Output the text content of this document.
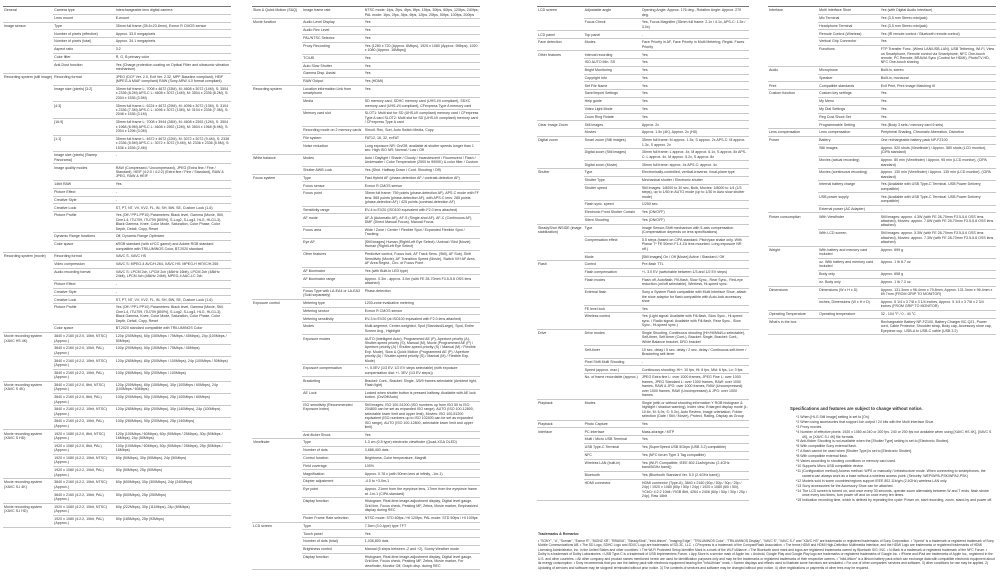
General	Camera type	Interchangeable lens digital camera
	Lens mount	E-mount
Image sensor	Type	35mm full frame (35.6×23.8mm), Exmor R CMOS sensor
	Number of pixels (effective)	Approx. 33.0 megapixels
	Number of pixels (total)	Approx. 34.1 megapixels
	Aspect ratio	3:2
	Color filter	R, G, B primary color
	Anti-Dust function	Yes (Charge protection coating on Optical Filter and ultrasonic vibration mechanism)
Recording system (still image)	Recording format	JPEG (DCF Ver. 2.0, Exif Ver. 2.32, MPF Baseline compliant), HEIF (MPEG-A MIAF compliant) RAW (Sony ARW 4.0 format compliant)
	Image size (pixels) [3:2]	35mm full frame L: 7008 x 4672 (33M), M: 4608 x 3072 (14M), S: 3504 x 2336 (8.2M) APS-C L: 4608 x 3072 (14M), M: 3504 x 2336 (8.2M), S: 2304 x 1536 (3.5M)
	[4:3]	35mm full frame L: 6224 x 4672 (29M), M: 4096 x 3072 (13M), S: 3104 x 2336 (7.3M) APS-C L: 4096 x 3072 (13M), M: 3104 x 2336 (7.3M), S: 2048 x 1536 (3.1M)
	[16:9]	35mm full frame L: 7008 x 3944 (28M), M: 4608 x 2592 (12M), S: 3504 x 1968 (6.9M) APS-C L: 4608 x 2592 (12M), M: 3504 x 1968 (6.9M), S: 2304 x 1296 (3.0M)
	[1:1]	35mm full frame L: 4672 x 4672 (22M), M: 3072 x 3072 (9.4M), S: 2336 x 2336 (5.5M) APS-C L: 3072 x 3072 (9.4M), M: 2336 x 2336 (5.5M), S: 1536 x 1536 (2.4M)
	Image size (pixels) [Sweep Panorama]	-
	Image quality modes	RAW (Compressed / Uncompressed), JPEG (Extra fine / Fine / Standard), HEIF (4:2:0 / 4:2:2) (Extra fine / Fine / Standard), RAW & JPEG, RAW & HEIF
	14bit RAW	Yes
	Picture Effect	-
	Creative Style	-
	Creative Look	ST, PT, NT, VV, VV2, FL, IN, SH, BW, SE, Custom Look (1-6)
	Picture Profile	Yes (Off / PP1-PP10) Parameters: Black level, Gamma (Movie, Still, Cine1-4, ITU709, ITU709 [800%], S-Log2, S-Log3, HLG, HLG1-3), Black Gamma, Knee, Color Mode, Saturation, Color Phase, Color Depth, Detail, Copy, Reset
	Dynamic Range functions	Off, Dynamic Range Optimizer
	Color space	sRGB standard (with sYCC gamut) and Adobe RGB standard compatible with TRILUMINOS Color, BT.2020 standard
Recording system (movie)	Recording format	XAVC S, XAVC HS
	Video compression	XAVC S: MPEG-4 AVC/H.264, XAVC HS: MPEG-H HEVC/H.265
	Audio recording format	XAVC S: LPCM 2ch, LPCM 2ch (48kHz 16bit), LPCM 2ch (48kHz 24bit), LPCM 4ch (48kHz 24bit), MPEG-4 AAC-LC 2ch
	Picture Effect	-
	Creative Style	-
	Creative Look	ST, PT, NT, VV, VV2, FL, IN, SH, BW, SE, Custom Look (1-6)
	Picture Profile	Yes (Off / PP1-PP10) Parameters: Black level, Gamma (Movie, Still, Cine1-4, ITU709, ITU709 [800%], S-Log2, S-Log3, HLG, HLG1-3), Black Gamma, Knee, Color Mode, Saturation, Color Phase, Color Depth, Detail, Copy, Reset
	Color space	BT.2020 standard compatible with TRILUMINOS Color
Movie recording system (XAVC HS 4K)	3840 x 2160 (4:2:0, 10bit, NTSC) (Approx.)	120p (200Mbps), 60p (150Mbps / 75Mbps / 45Mbps), 24p (100Mbps / 50Mbps)
	3840 x 2160 (4:2:0, 10bit, PAL) (Approx.)	100p (200Mbps), 50p (150Mbps / 75Mbps / 45Mbps)
	3840 x 2160 (4:2:2, 10bit, NTSC) (Approx.)	120p (280Mbps), 60p (200Mbps / 100Mbps), 24p (100Mbps / 50Mbps)
	3840 x 2160 (4:2:2, 10bit, PAL) (Approx.)	100p (280Mbps), 50p (200Mbps / 100Mbps)
Movie recording system (XAVC S 4K)	3840 x 2160 (4:2:0, 8bit, NTSC) (Approx.)	120p (200Mbps), 60p (150Mbps), 30p (100Mbps / 60Mbps), 24p (100Mbps / 60Mbps)
	3840 x 2160 (4:2:0, 8bit, PAL) (Approx.)	100p (200Mbps), 50p (150Mbps), 25p (100Mbps / 60Mbps)
	3840 x 2160 (4:2:2, 10bit, NTSC) (Approx.)	120p (280Mbps), 60p (200Mbps), 30p (140Mbps), 24p (100Mbps)
	3840 x 2160 (4:2:2, 10bit, PAL) (Approx.)	100p (280Mbps), 50p (200Mbps), 25p (140Mbps)
Movie recording system (XAVC S HD)	1920 x 1080 (4:2:0, 8bit, NTSC) (Approx.)	120p (100Mbps / 60Mbps), 60p (50Mbps / 25Mbps), 30p (50Mbps / 16Mbps), 24p (50Mbps)
	1920 x 1080 (4:2:0, 8bit, PAL) (Approx.)	100p (100Mbps / 60Mbps), 50p (50Mbps / 25Mbps), 25p (50Mbps / 16Mbps)
	1920 x 1080 (4:2:2, 10bit, NTSC) (Approx.)	60p (50Mbps), 30p (50Mbps), 24p (50Mbps)
	1920 x 1080 (4:2:2, 10bit, PAL) (Approx.)	50p (50Mbps), 25p (50Mbps)
Movie recording system (XAVC S-I 4K)	3840 x 2160 (4:2:2, 10bit, NTSC) (Approx.)	60p (600Mbps), 30p (300Mbps), 24p (240Mbps)
	3840 x 2160 (4:2:2, 10bit, PAL) (Approx.)	50p (500Mbps), 25p (250Mbps)
Movie recording system (XAVC S-I HD)	1920 x 1080 (4:2:2, 10bit, NTSC) (Approx.)	60p (222Mbps), 30p (111Mbps), 24p (89Mbps)
	1920 x 1080 (4:2:2, 10bit, PAL) (Approx.)	50p (185Mbps), 25p (93Mbps)
Slow & Quick Motion (S&Q)	Image frame rate	NTSC mode: 1fps, 2fps, 4fps, 8fps, 15fps, 30fps, 60fps, 120fps, 240fps; PAL mode: 1fps, 2fps, 3fps, 6fps, 12fps, 25fps, 50fps, 100fps, 200fps
Movie function	Audio Level Display	Yes
	Audio Rec Level	Yes
	PAL/NTSC Selector	Yes
	Proxy Recording	Yes (1280 x 720 (Approx. 6Mbps), 1920 x 1080 (Approx. 9Mbps), 1920 x 1080 (Approx. 16Mbps))
	TC/UB	Yes
	Auto Slow Shutter	Yes
	Gamma Disp. Assist	Yes
	RAW Output	Yes (HDMI)
Recording system	Location information Link from smartphone	Yes
	Media	SD memory card, SDHC memory card (UHS-I/II compliant), SDXC memory card (UHS-I/II compliant), CFexpress Type A memory card
	Memory card slot	SLOT1: Multi slot for SD (UHS-I/II compliant) memory card / CFexpress Type A card SLOT2: Multi slot for SD (UHS-I/II compliant) memory card / CFexpress Type A card
	Recording mode on 2 memory cards	Simult. Rec, Sort, Auto Switch Media, Copy
	File system	FAT12, 16, 32, exFAT
	Noise reduction	Long exposure NR: On/Off, available at shutter speeds longer than 1 sec. High ISO NR: Normal / Low / Off
White balance	Modes	Auto / Daylight / Shade / Cloudy / Incandescent / Fluorescent / Flash / Underwater / Color Temperature (2500 to 9900K) & color filter / Custom
	Shutter AWB Lock	Yes (Shut. Halfway Down / Cont. Shooting / Off)
Focus system	Type	Fast Hybrid AF (phase-detection AF / contrast-detection AF)
	Focus sensor	Exmor R CMOS sensor
	Focus point	35mm full frame: 759 points (phase-detection AF), APS-C mode with FF lens: 565 points (phase-detection AF), with APS-C lens: 285 points (phase-detection AF) / 425 points (contrast-detection AF)
	Sensitivity range	EV-4 to EV20 (ISO100 equivalent with F2.0 lens attached)
	AF mode	AF-A (Automatic AF), AF-S (Single-shot AF), AF-C (Continuous AF), DMF (Direct Manual Focus), Manual Focus
	Focus area	Wide / Zone / Center / Flexible Spot / Expanded Flexible Spot / Tracking
	Eye AF	[Still images] Human (Right/Left Eye Select) / Animal / Bird [Movie] Human (Right/Left Eye Select)
	Other features	Predictive control, Focus lock, AF Track Sens. (Still), AF Subj. Shift Sensitivity (Movie), AF Transition Speed (Movie), Switch V/H AF Area, AF Area Regist., Circ. of Focus Point
	AF illuminator	Yes (with Built-in LED type)
	AF illuminator range	Approx. 0.3m - approx. 3.0m (with FE 28-70mm F3.5-5.6 OSS lens attached)
	Focus Type with LA-EA4 or LA-EA3 (Sold separately)	Phase-detection
Exposure control	Metering type	1200-zone evaluative metering
	Metering sensor	Exmor R CMOS sensor
	Metering sensitivity	EV-3 to EV20 (at ISO100 equivalent with F2.0 lens attached)
	Modes	Multi-segment, Center-weighted, Spot (Standard/Large), Spot, Entire Screen Avg., Highlight
	Exposure modes	AUTO (Intelligent Auto), Programmed AE (P), Aperture priority (A), Shutter-speed priority (S), Manual (M), Movie (Programmed AE (P) / Aperture priority (A) / Shutter-speed priority (S) / Manual (M) / Flexible Exp. Mode), Slow & Quick Motion (Programmed AE (P) / Aperture priority (A) / Shutter-speed priority (S) / Manual (M) / Flexible Exp. Mode)
	Exposure compensation	+/- 5.0EV (1/3 EV, 1/2 EV steps selectable) (with exposure compensation dial: +/- 3EV (1/3 EV steps))
	Bracketing	Bracket: Cont., Bracket: Single, 3/5/9 frames selectable (Ambient light, Flash light)
	AE Lock	Locked when shutter button is pressed halfway. Available with AE lock button. (On/Off/Auto)
	ISO sensitivity (Recommended Exposure Index)	Still images: ISO 100-51200 (ISO numbers up from ISO 50 to ISO 204800 can be set as expanded ISO range), AUTO (ISO 100-12800, selectable lower limit and upper limit), Movies: ISO 100-51200 equivalent (ISO numbers up to ISO 102400 can be set as expanded ISO range), AUTO (ISO 100-12800, selectable lower limit and upper limit)
	Anti-flicker Shoot.	Yes
Viewfinder	Type	1.3 cm (0.5 type) electronic viewfinder (Quad-XGA OLED)
	Number of dots	3,686,400 dots
	Control function	Brightness, Color temperature, Magnifi.
	Field coverage	100%
	Magnification	Approx. 0.78 x (with 50mm lens at infinity, -1m-1)
	Diopter adjustment	-4.0 to +3.0m-1
	Eye point	Approx. 21mm from the eyepiece lens, 17mm from the eyepiece frame at -1m-1 (CIPA standard)
	Display function	Histogram, Real-time image-adjustment display, Digital level gauge, Grid line, Focus check, Peaking MF, Zebra, Movie marker, Emphasized display during REC
	Finder Frame Rate selection	NTSC mode: STD 60fps / HI 120fps, PAL mode: STD 50fps / HI 100fps
LCD screen	Type	7.5cm (3.0-type) type TFT
	Touch panel	Yes
	Number of dots (total)	1,036,800 dots
	Brightness control	Manual (5 steps between -2 and +2), Sunny Weather mode
	Display function	Histogram, Real-time image-adjustment display, Digital level gauge, Grid line, Focus check, Peaking MF, Zebra, Movie marker, For viewfinder, Monitor Off, Graph disp. during REC
LCD screen	Adjustable angle	Opening Angle: Approx. 176 deg., Rotation Angle: Approx. 270 deg.
	Focus Check	Yes, Focus Magnifier (35mm full frame: 2.1x / 4.1x, APS-C: 1.5x / 3.0x)
LCD panel	Top panel	-
Face detection	Modes	Face Priority in AF, Face Priority in Multi Metering, Regist. Faces Priority
Other features	Interval recording	Yes
	ISO AUTO Min. SS	Yes
	Bright Monitoring	Yes
	Copyright Info	Yes
	Set File Name	Yes
	Save/Import Settings	Yes
	Help guide	Yes
	Video Light Mode	Yes
	Zoom Ring Rotate	Yes
Clear Image Zoom	Still images	Approx. 2x
	Movies	Approx. 1.5x (4K), Approx. 2x (HD)
Digital zoom	Smart zoom (Still images)	35mm full frame: M approx. 1.5x, S approx. 2x APS-C: M approx. 1.3x, S approx. 2x
	Digital zoom (Still images)	35mm full frame: L approx. 4x, M approx. 6.1x, S approx. 8x APS-C: L approx. 4x, M approx. 5.2x, S approx. 8x
	Digital zoom (Movie)	35mm full frame: approx. 4x APS-C: approx. 4x
Shutter	Type	Electronically-controlled, vertical-traverse, focal-plane type
	Shutter Type	Mechanical shutter / Electronic shutter
	Shutter speed	Still images: 1/8000 to 30 sec, Bulb, Movies: 1/8000 to 1/4 (1/3 steps), up to 1/60 in AUTO mode (up to 1/30 in Auto slow shutter mode)
	Flash sync. speed	1/250 sec.
	Electronic Front Shutter Curtain	Yes (ON/OFF)
	Silent Shooting	Yes (ON/OFF)
SteadyShot INSIDE (image stabilization)	Type	Image Sensor-Shift mechanism with 5-axis compensation (Compensation depends on lens specifications)
	Compensation effect	5.5 steps (based on CIPA standard. Pitch/yaw shake only. With Planar T* FE 50mm F1.4 ZA lens mounted. Long exposure NR off.)
	Mode	[Still images] On / Off [Movie] Active / Standard / Off
Flash	Control	Pre-flash TTL
	Flash compensation	+/- 3.0 EV (switchable between 1/3 and 1/2 EV steps)
	Flash modes	Flash off, Autoflash, Fill-flash, Slow Sync., Rear Sync., Red-eye reduction (on/off selectable), Wireless, Hi-speed sync.
	External flash	Sony α System Flash compatible with Multi Interface Shoe, attach the shoe adaptor for flash compatible with Auto-lock accessory shoe
	FE level lock	Yes
	Wireless control	Yes (Light signal: Available with Fill-flash, Slow Sync., Hi-speed sync. / Radio signal: Available with Fill-flash, Rear Sync., Slow Sync., Hi-speed sync.)
Drive	Drive modes	Single Shooting, Continuous shooting (Hi+/Hi/Mid/Lo selectable), Self-timer, Self-timer (Cont.), Bracket: Single, Bracket: Cont., White Balance bracket, DRO bracket
	Self-timer	10 sec. delay / 5 sec. delay / 2 sec. delay / Continuous self-timer / Bracketing self-timer
	Pixel Shift Multi Shooting	-
	Speed (approx. max.)	Continuous shooting: Hi+: 10 fps, Hi: 8 fps, Mid: 6 fps, Lo: 3 fps
	No. of frame recordable (approx.)	JPEG Extra fine L: over 1000 frames, JPEG Fine L: over 1000 frames, JPEG Standard L: over 1000 frames, RAW: over 1000 frames, RAW & JPG: over 1000 frames, RAW (Uncompressed): over 1000 frames, RAW (Uncompressed) & JPG: over 1000 frames
Playback	Modes	Single (with or without shooting information Y RGB histogram & highlight / shadow warning), Index view, Enlarged display mode (L: 10.6x, M: 6.9x, S: 5.3x), Auto Review, Image orientation, Folder selection (Date / Still / Movie), Protect, Rating, Display as Group
Playback	Photo Capture	Yes
Interface	PC interface	Mass-storage / MTP
	Multi / Micro USB Terminal	Yes
	USB Type-C Terminal	Yes (SuperSpeed USB 5Gbps (USB 3.2) compatible)
	NFC	Yes (NFC forum Type 3 Tag compatible)
	Wireless LAN (built-in)	Yes (Wi-Fi Compatible, IEEE 802.11a/b/g/n/ac (2.4GHz band/5GHz band))
	Bluetooth	Yes (Bluetooth Standard Ver. 5.0 (2.4GHz band))
	HDMI connector	HDMI connector (Type-A), 3840 x 2160 (60p / 50p / 30p / 25p / 24p) / 1920 x 1080 (60p / 50p / 24p) / 1920 x 1080 (60i / 50i), YCbCr 4:2:2 10bit / RGB 8bit, 4264 x 2408 (60p / 50p / 30p / 25p / 24p), Raw 16bit
Interface	Multi Interface Shoe	Yes (with Digital Audio Interface)
	Mic Terminal	Yes (3.5 mm Stereo minijack)
	Headphone Terminal	Yes (3.5 mm Stereo minijack)
	Remote Control (Wireless)	Yes (IR remote control / Bluetooth remote control)
	Vertical Grip Connector	Yes
	Functions	FTP Transfer Func. (Wired LAN/USB-LAN), USB Tethering, Wi-Fi, View on Smartphone, Remote control via Smartphone, NFC One-touch remote, PC Remote, BRAVIA Sync (Control for HDMI), PhotoTV HD, NFC One-touch sharing
Audio	Microphone	Built-in, stereo
	Speaker	Built-in, monaural
Print	Compatible standards	Exif Print, Print Image Matching III
Custom function	Custom key settings	Yes
	My Menu	Yes
	My Dial Settings	Yes
	Reg Cust Shoot Set	Yes
	Programmable Setting	Yes (Body 3 sets / memory card 6 sets)
Lens compensation	Lens compensation	Peripheral Shading, Chromatic Aberration, Distortion
Power	Battery	One rechargeable battery pack NP-FZ100
	Still images	Approx. 520 shots (Viewfinder) / Approx. 580 shots (LCD monitor), (CIPA standard)
	Movies (actual recording)	Approx. 80 min (Viewfinder) / Approx. 95 min (LCD monitor), (CIPA standard)
	Movies (continuous recording)	Approx. 130 min (Viewfinder) / Approx. 135 min (LCD monitor), (CIPA standard)
	Internal battery charge	Yes (Available with USB Type-C Terminal. USB Power Delivery compatible)
	USB power supply	Yes (Available with USB Type-C Terminal. USB Power Delivery compatible)
	External power (AC Adapter)	-
Power consumption	With Viewfinder	Still images: approx. 4.3W (with FE 28-70mm F3.5-5.6 OSS lens attached), Movies: approx. 7.6W (with FE 28-70mm F3.5-5.6 OSS lens attached)
	With LCD screen	Still images: approx. 3.3W (with FE 28-70mm F3.5-5.6 OSS lens attached), Movies: approx. 7.3W (with FE 28-70mm F3.5-5.6 OSS lens attached)
Weight	With battery and memory card included	Approx. 699 g
	oz. With battery and memory card included	Approx. 1 lb 8.7 oz
	Body only	Approx. 658 g
	oz. Body only	Approx. 1 lb 7.3 oz
Dimensions	Dimensions (W x H x D)	Approx. 131.3mm x 96.4mm x 79.8mm, Approx. 131.3mm x 96.4mm x 69.7mm (FROM GRIP TO MONITOR)
	inches, Dimensions (W x H x D)	Approx. 5 1/4 x 3 7/8 x 3 1/4 inches, Approx. 5 1/4 x 3 7/8 x 2 3/4 inches (FROM GRIP TO MONITOR)
Operating Temperature	Operating temperature	32 - 104 °F / 0 - 40 °C
What's in the box		Rechargeable Battery NP-FZ100, Battery Charger BC-QZ1, Power cord, Cable Protector, Shoulder strap, Body cap, Accessory shoe cap, Eyepiece cup, USB-A to USB-C cable (USB 3.2)
Specifications and features are subject to change without notice.
*1 When [HLG Still Image] setting is set to [On].
*2 When using accessories that support 4ch output / 24 bits with the Multi Interface Shoe.
*3 Proxy movies.
*4 Number of effective pixels: 1920 x 1080 at 240 or 200 fps. 240 or 200 fps not available when using [XAVC HS 4K], [XAVC S 4K], or [XAVC S-I 4K] file formats.
*5 Anti-flicker Shooting is not available when the [Shutter Type] setting is set to [Electronic Shutter].
*6 With compatible Sony external flash.
*7 A flash cannot be used when [Shutter Type] is set to [Electronic Shutter].
*8 With compatible external flash.
*9 Varies according to shooting conditions or memory card used.
*10 Supports Micro USB compatible device.
*11 (Configuration method) Access method: WPS or manually / Infrastructure mode. When connecting to smartphones, the camera can always work as a base without a wireless access point. (Security: WEP/WPA-PSK/WPA2-PSK)
*12 Models sold in some countries/regions support IEEE 802.11b/g/n (2.4GHz) wireless LAN only.
*13 Sony accessories for the Accessory Shoe can be attached.
*14 The LCD screen is turned on, and once every 30 seconds, operate zoom alternately between W and T ends, flash strobe once every two times, turn power off and on once every ten times.
*15 Indication recording time, which is defined by repeating the cycle: Power on, start recording, zoom, stand-by and power off.
Trademarks & Remarks:
• "SONY", "α", "Sonnar", "Exmor R", "BIONZ XR", "BRAVIA", "SteadyShot", "InfoLithium", "Imaging Edge", "TRILUMINOS Color", "TRILUMINOS Display", "XAVC S", "XAVC S-I" and "XAVC HS" are trademarks or registered trademarks of Sony Corporation. • "Xperia" is a trademark or registered trademark of Sony Mobile Communications AB. • The SD Logo, SDHC Logo and SDXC Logo are trademarks of SD-3C, LLC. • CFexpress is a trademark of the CompactFlash Association. • The terms HDMI and HDMI High-Definition Multimedia Interface, and the HDMI Logo are trademarks or registered trademarks of HDMI Licensing Administrator, Inc. in the United States and other countries. • The Wi-Fi Protected Setup Identifier Mark is a mark of the Wi-Fi Alliance. • The Bluetooth word mark and logos are registered trademarks owned by Bluetooth SIG, INC. • N-Mark is a trademark or registered trademark of the NFC Forum. • Dolby is a trademark of Dolby Laboratories. • USB Type-C is a trademark of USB Implementers Forum. • App Store is a service mark of Apple Inc. • Android, Google Play and Google Play logo are trademarks or registered trademarks of Google Inc. • iPhone and iPad are trademarks of Apple Inc., registered in the U.S. and other countries. • All other company and product names mentioned herein are used for identification purposes only and may be the trademarks or registered trademarks of their respective owners. • "InfoLithium" is a lithium battery pack which can exchange data with compatible electronic equipment about its energy consumption. • Sony recommends that you use the battery pack with electronic equipment bearing the "InfoLithium" mark. • Screen displays and effects used to illustrate some functions are simulated. • For use of other companies' services and software, 3) other conditions for use may be applied. 2) Updating of services and software may be stopped/ terminated without prior notice. 3) The contents of services and software may be changed without prior notice. 4) other registrations or payments of other fees may be required.
